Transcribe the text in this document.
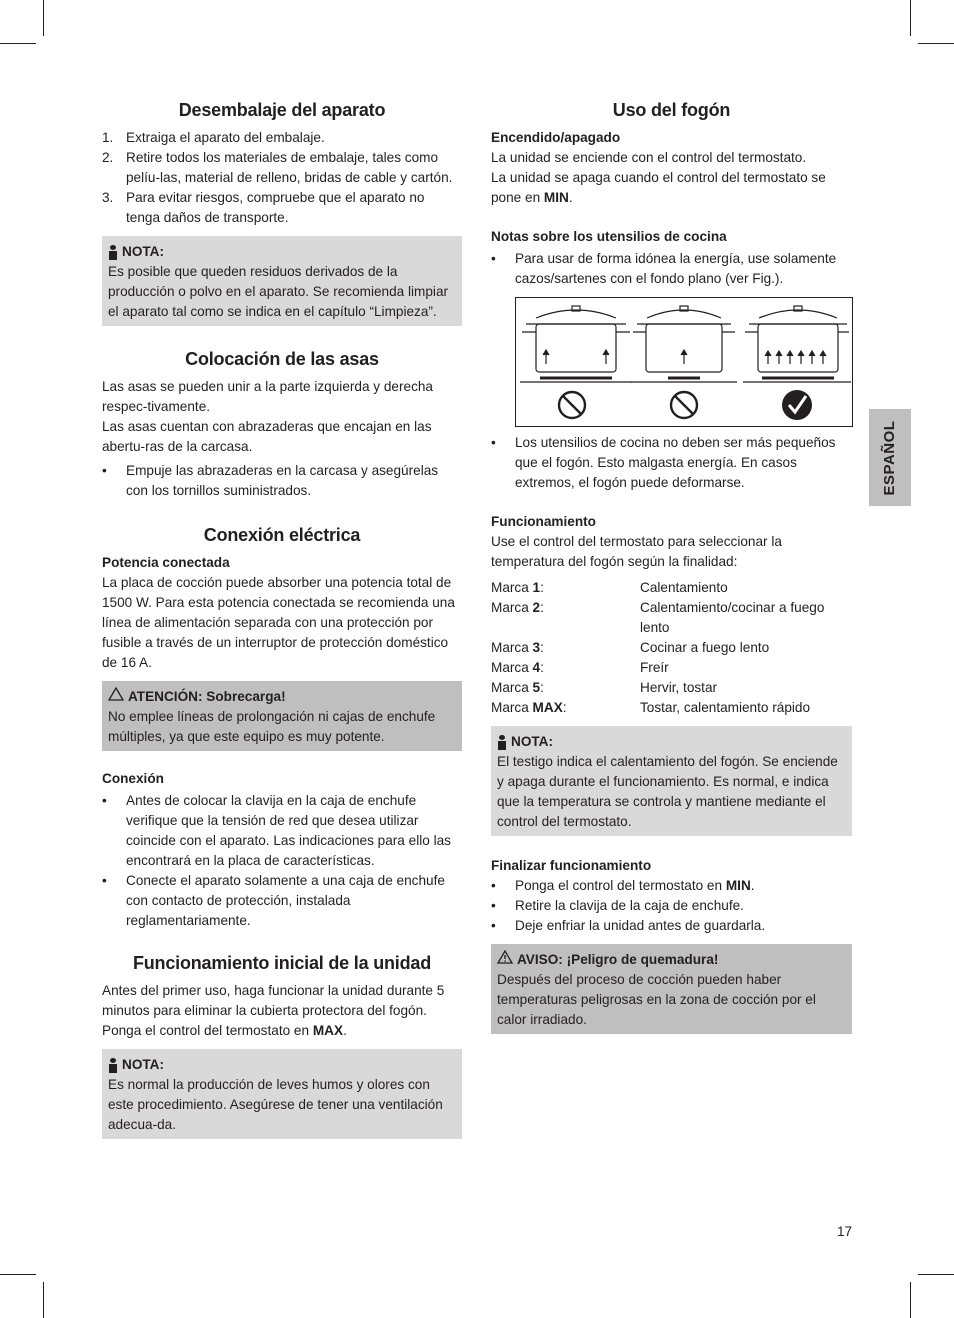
Desembalaje del aparato
1. Extraiga el aparato del embalaje.
2. Retire todos los materiales de embalaje, tales como pelíu-las, material de relleno, bridas de cable y cartón.
3. Para evitar riesgos, compruebe que el aparato no tenga daños de transporte.
NOTA:

Es posible que queden residuos derivados de la producción o polvo en el aparato. Se recomienda limpiar el aparato tal como se indica en el capítulo “Limpieza”.

Colocación de las asas

Las asas se pueden unir a la parte izquierda y derecha respec-tivamente.

Las asas cuentan con abrazaderas que encajan en las abertu-ras de la carcasa.

• Empuje las abrazaderas en la carcasa y asegúrelas con los tornillos suministrados.
Conexión eléctrica
Potencia conectada

La placa de cocción puede absorber una potencia total de 1500 W. Para esta potencia conectada se recomienda una línea de alimentación separada con una protección por fusible a través de un interruptor de protección doméstico de 16 A.

ATENCIÓN: Sobrecarga!

No emplee líneas de prolongación ni cajas de enchufe múltiples, ya que este equipo es muy potente.

Conexión
• Antes de colocar la clavija en la caja de enchufe verifique que la tensión de red que desea utilizar coincide con el aparato. Las indicaciones para ello las encontrará en la placa de características.
• Conecte el aparato solamente a una caja de enchufe con contacto de protección, instalada reglamentariamente.
Funcionamiento inicial de la unidad

Antes del primer uso, haga funcionar la unidad durante 5 minutos para eliminar la cubierta protectora del fogón. Ponga el control del termostato en MAX.

NOTA:

Es normal la producción de leves humos y olores con este procedimiento. Asegúrese de tener una ventilación adecua-da.

Uso del fogón
Encendido/apagado

La unidad se enciende con el control del termostato.

La unidad se apaga cuando el control del termostato se pone en MIN.

Notas sobre los utensilios de cocina
• Para usar de forma idónea la energía, use solamente cazos/sartenes con el fondo plano (ver Fig.).
• Los utensilios de cocina no deben ser más pequeños que el fogón. Esto malgasta energía. En casos extremos, el fogón puede deformarse.
Funcionamiento

Use el control del termostato para seleccionar la temperatura del fogón según la finalidad:

Marca 1:	Calentamiento
Marca 2:	Calentamiento/cocinar a fuego lento
Marca 3:	Cocinar a fuego lento
Marca 4:	Freír
Marca 5:	Hervir, tostar
Marca MAX:	Tostar, calentamiento rápido
NOTA:

El testigo indica el calentamiento del fogón. Se enciende y apaga durante el funcionamiento. Es normal, e indica que la temperatura se controla y mantiene mediante el control del termostato.

Finalizar funcionamiento
• Ponga el control del termostato en MIN.
• Retire la clavija de la caja de enchufe.
• Deje enfriar la unidad antes de guardarla.
AVISO: ¡Peligro de quemadura!

Después del proceso de cocción pueden haber temperaturas peligrosas en la zona de cocción por el calor irradiado.

ESPAÑOL
17
